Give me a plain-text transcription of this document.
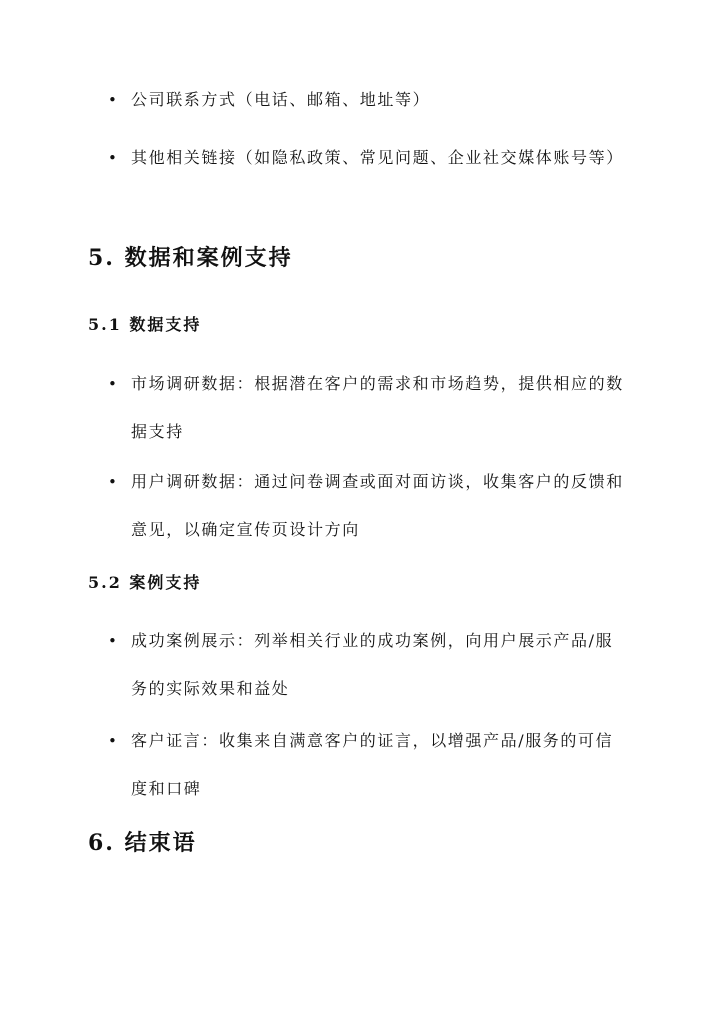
• 公司联系方式（电话、邮箱、地址等）
• 其他相关链接（如隐私政策、常见问题、企业社交媒体账号等）
5. 数据和案例支持
5.1 数据支持
• 市场调研数据：根据潜在客户的需求和市场趋势，提供相应的数据支持
• 用户调研数据：通过问卷调查或面对面访谈，收集客户的反馈和意见，以确定宣传页设计方向
5.2 案例支持
• 成功案例展示：列举相关行业的成功案例，向用户展示产品/服务的实际效果和益处
• 客户证言：收集来自满意客户的证言，以增强产品/服务的可信度和口碑
6. 结束语
